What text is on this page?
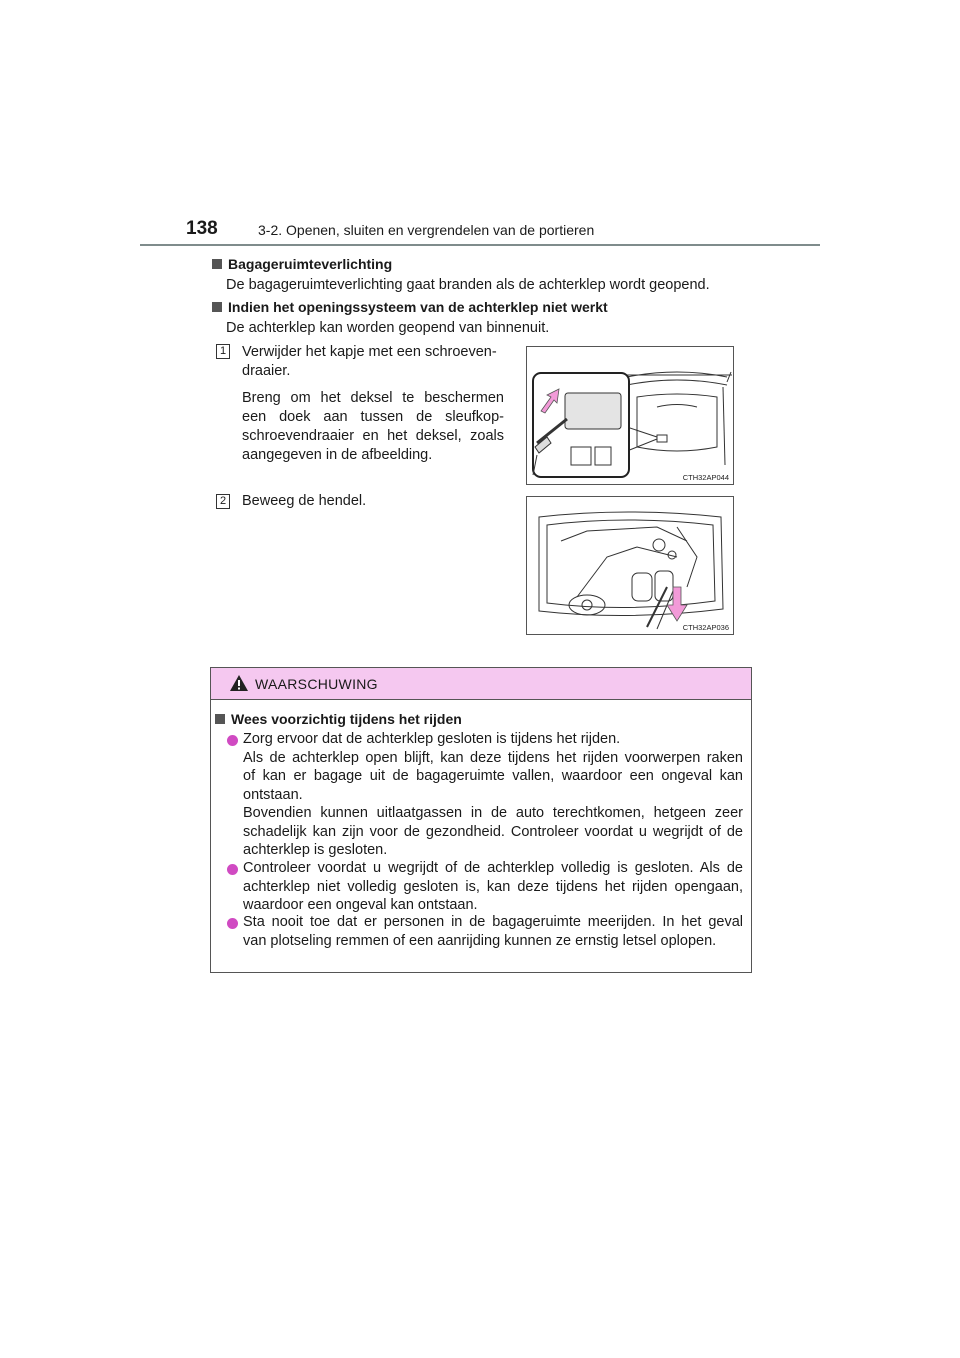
138	3-2. Openen, sluiten en vergrendelen van de portieren
Bagageruimteverlichting
De bagageruimteverlichting gaat branden als de achterklep wordt geopend.
Indien het openingssysteem van de achterklep niet werkt
De achterklep kan worden geopend van binnenuit.
1 Verwijder het kapje met een schroeven-
draaier.
Breng om het deksel te beschermen
een doek aan tussen de sleufkop-
schroevendraaier en het deksel, zoals
aangegeven in de afbeelding.
CTH32AP044
2 Beweeg de hendel.
CTH32AP036
WAARSCHUWING
Wees voorzichtig tijdens het rijden
Zorg ervoor dat de achterklep gesloten is tijdens het rijden.
Als de achterklep open blijft, kan deze tijdens het rijden voorwerpen raken
of kan er bagage uit de bagageruimte vallen, waardoor een ongeval kan
ontstaan.
Bovendien kunnen uitlaatgassen in de auto terechtkomen, hetgeen zeer
schadelijk kan zijn voor de gezondheid. Controleer voordat u wegrijdt of de
achterklep is gesloten.
Controleer voordat u wegrijdt of de achterklep volledig is gesloten. Als de
achterklep niet volledig gesloten is, kan deze tijdens het rijden opengaan,
waardoor een ongeval kan ontstaan.
Sta nooit toe dat er personen in de bagageruimte meerijden. In het geval
van plotseling remmen of een aanrijding kunnen ze ernstig letsel oplopen.
